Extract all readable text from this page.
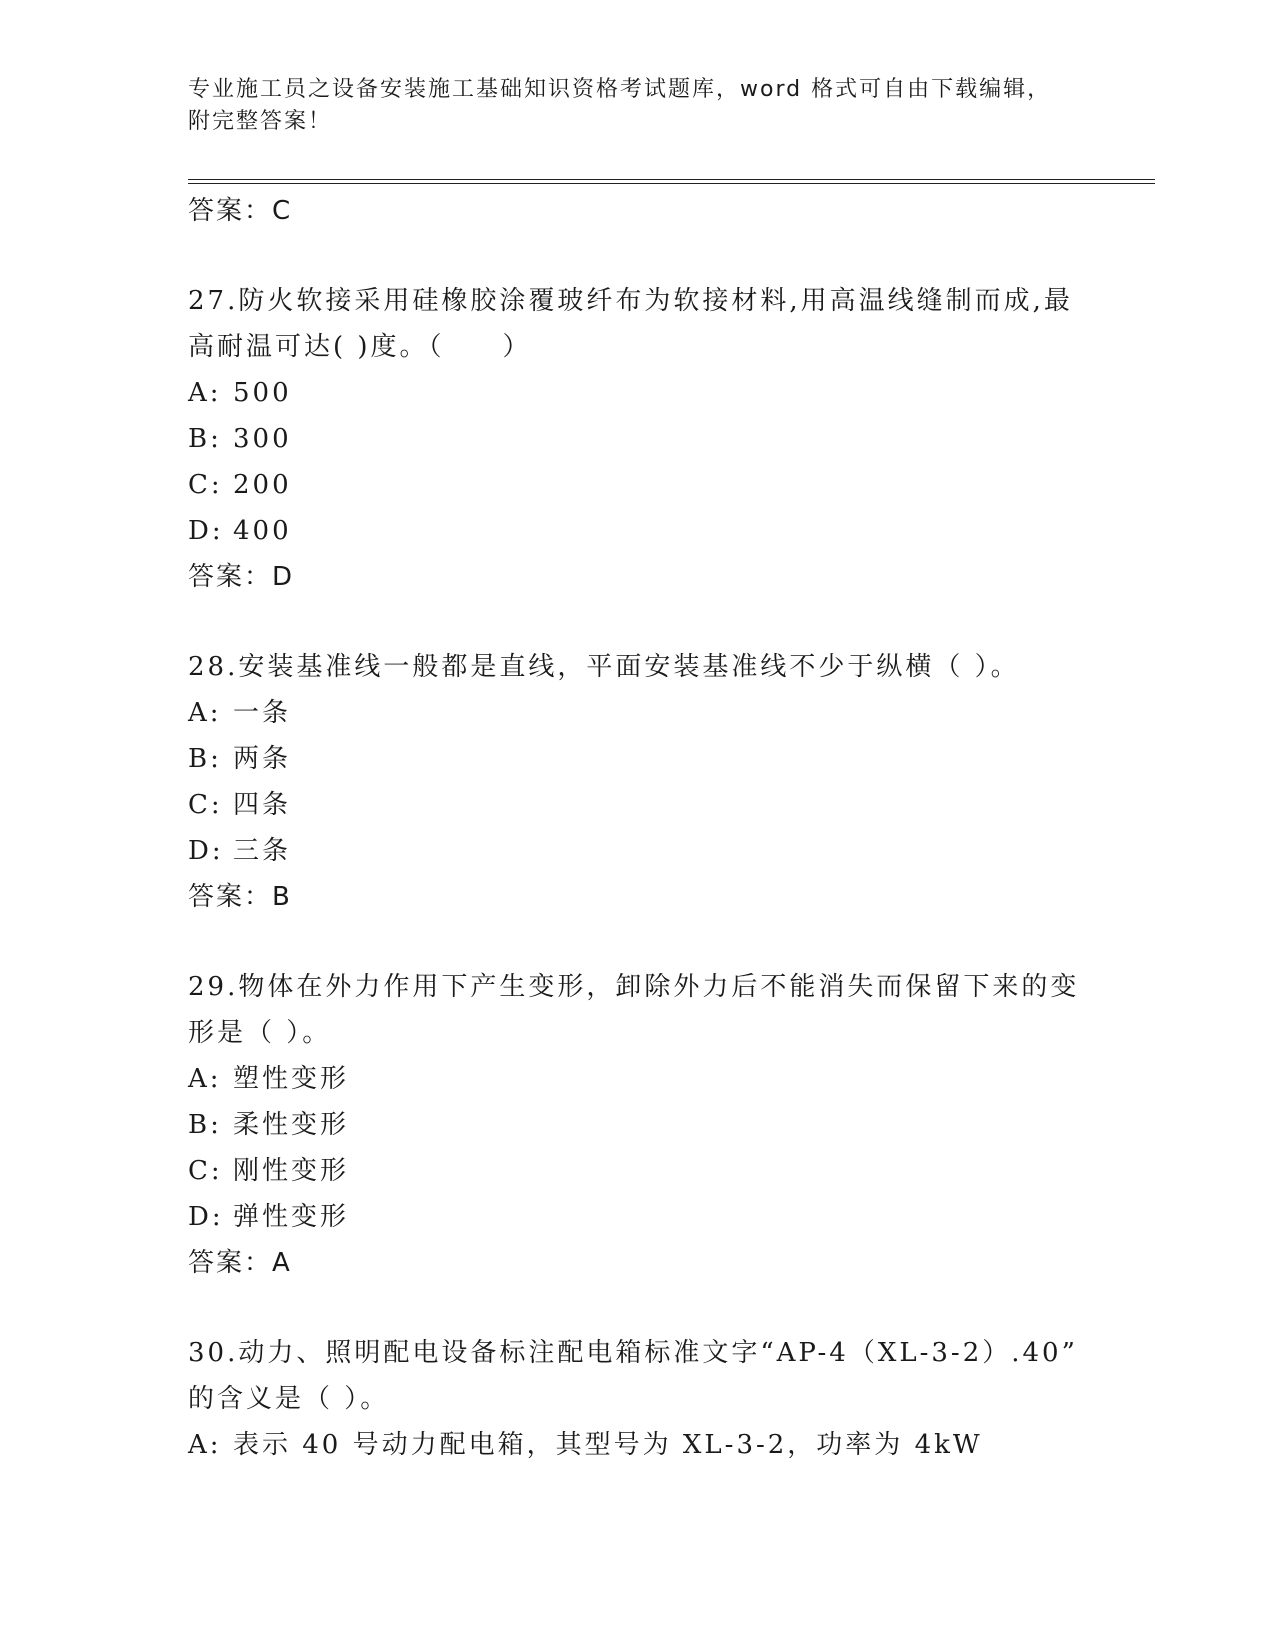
专业施工员之设备安装施工基础知识资格考试题库，word 格式可自由下载编辑，
附完整答案！
答案：C
27.防火软接采用硅橡胶涂覆玻纤布为软接材料,用高温线缝制而成,最
高耐温可达( )度。（　　）
A: 500
B: 300
C: 200
D: 400
答案：D
28.安装基准线一般都是直线，平面安装基准线不少于纵横（ ）。
A: 一条
B: 两条
C: 四条
D: 三条
答案：B
29.物体在外力作用下产生变形，卸除外力后不能消失而保留下来的变
形是（ ）。
A: 塑性变形
B: 柔性变形
C: 刚性变形
D: 弹性变形
答案：A
30.动力、照明配电设备标注配电箱标准文字“AP-4（XL-3-2）.40”
的含义是（ ）。
A: 表示 40 号动力配电箱，其型号为 XL-3-2，功率为 4kW
